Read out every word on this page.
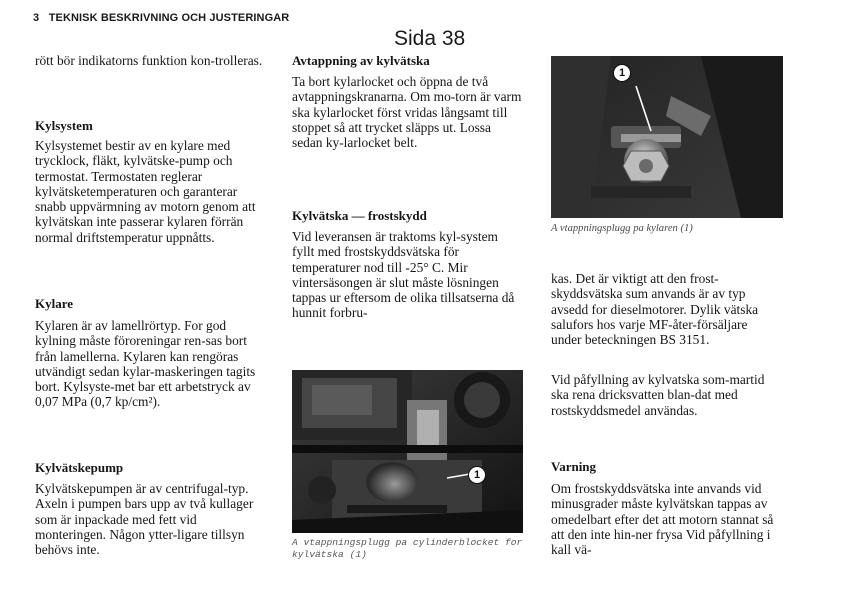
3 TEKNISK BESKRIVNING OCH JUSTERINGAR
Sida 38

rött bör indikatorns funktion kon-trolleras.

Kylsystem

Kylsystemet bestir av en kylare med trycklock, fläkt, kylvätske-pump och termostat. Termostaten reglerar kylvätsketemperaturen och garanterar snabb uppvärmning av motorn genom att kylvätskan inte passerar kylaren förrän normal driftstemperatur uppnåtts.

Kylare

Kylaren är av lamellrörtyp. For god kylning måste föroreningar ren-sas bort från lamellerna. Kylaren kan rengöras utvändigt sedan kylar-maskeringen tagits bort. Kylsyste-met bar ett arbetstryck av 0,07 MPa (0,7 kp/cm²).

Kylvätskepump

Kylvätskepumpen är av centrifugal-typ. Axeln i pumpen bars upp av två kullager som är inpackade med fett vid monteringen. Någon ytter-ligare tillsyn behövs inte.

Avtappning av kylvätska

Ta bort kylarlocket och öppna de två avtappningskranarna. Om mo-torn är varm ska kylarlocket först vridas långsamt till stoppet så att trycket släpps ut. Lossa sedan ky-larlocket belt.

Kylvätska — frostskydd

Vid leveransen är traktoms kyl-system fyllt med frostskyddsvätska för temperaturer nod till -25° C. Mir vintersäsongen är slut måste lösningen tappas ur eftersom de olika tillsatserna då hunnit forbru-

1
A vtappningsplugg pa cylinderblocket for kylvätska (1)
1
A vtappningsplugg pa kylaren (1)

kas. Det är viktigt att den frost-skyddsvätska sum anvands är av typ avsedd for dieselmotorer. Dylik vätska salufors hos varje MF-åter-försäljare under beteckningen BS 3151.

Vid påfyllning av kylvatska som-martid ska rena dricksvatten blan-dat med rostskyddsmedel användas.

Varning

Om frostskyddsvätska inte anvands vid minusgrader måste kylvätskan tappas av omedelbart efter det att motorn stannat så att den inte hin-ner frysa Vid påfyllning i kall vä-
